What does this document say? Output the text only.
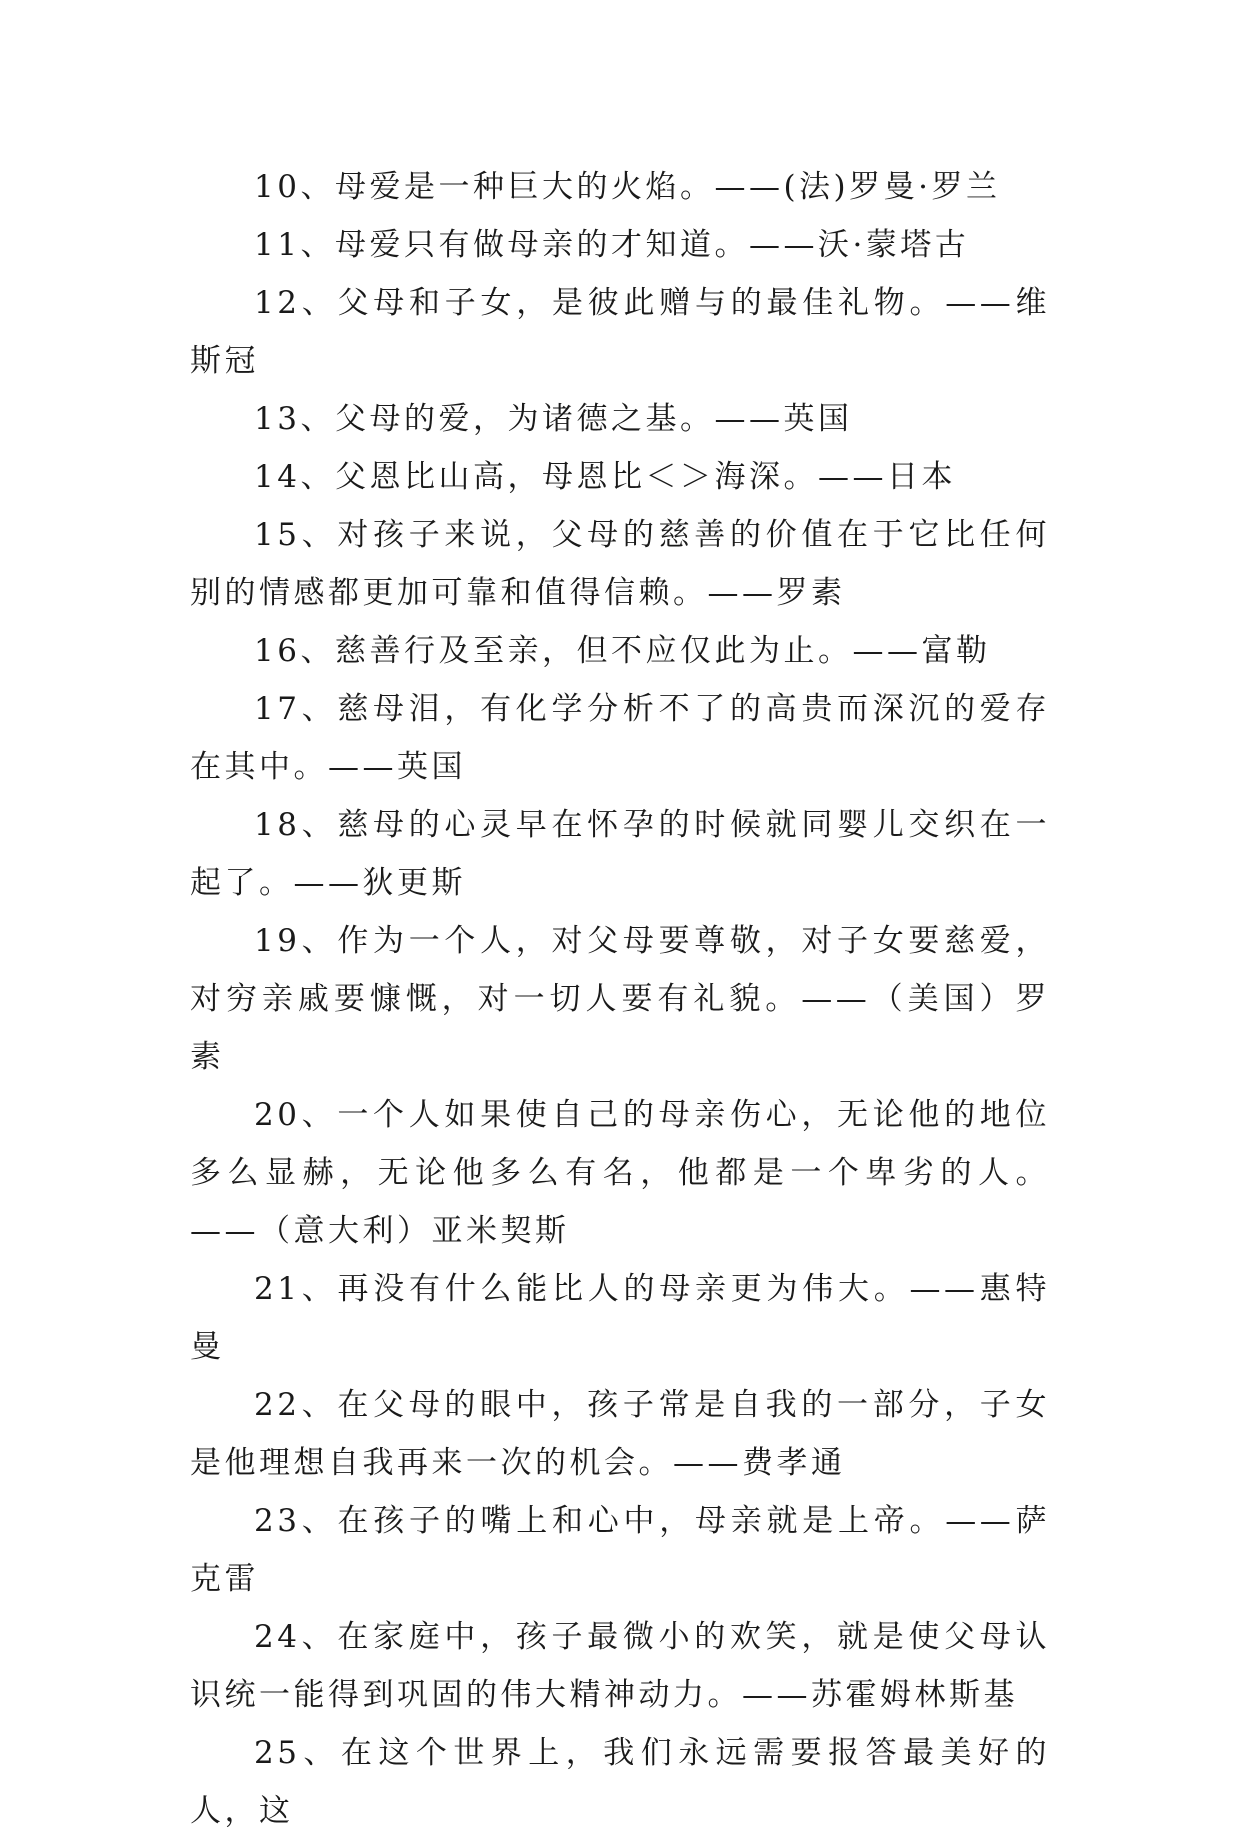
10、母爱是一种巨大的火焰。——(法)罗曼·罗兰

11、母爱只有做母亲的才知道。——沃·蒙塔古

12、父母和子女，是彼此赠与的最佳礼物。——维斯冠

13、父母的爱，为诸德之基。——英国

14、父恩比山高，母恩比＜＞海深。——日本

15、对孩子来说，父母的慈善的价值在于它比任何别的情感都更加可靠和值得信赖。——罗素

16、慈善行及至亲，但不应仅此为止。——富勒

17、慈母泪，有化学分析不了的高贵而深沉的爱存在其中。——英国

18、慈母的心灵早在怀孕的时候就同婴儿交织在一起了。——狄更斯

19、作为一个人，对父母要尊敬，对子女要慈爱，对穷亲戚要慷慨，对一切人要有礼貌。——（美国）罗素

20、一个人如果使自己的母亲伤心，无论他的地位多么显赫，无论他多么有名，他都是一个卑劣的人。——（意大利）亚米契斯

21、再没有什么能比人的母亲更为伟大。——惠特曼

22、在父母的眼中，孩子常是自我的一部分，子女是他理想自我再来一次的机会。——费孝通

23、在孩子的嘴上和心中，母亲就是上帝。——萨克雷

24、在家庭中，孩子最微小的欢笑，就是使父母认识统一能得到巩固的伟大精神动力。——苏霍姆林斯基

25、在这个世界上，我们永远需要报答最美好的人，这
